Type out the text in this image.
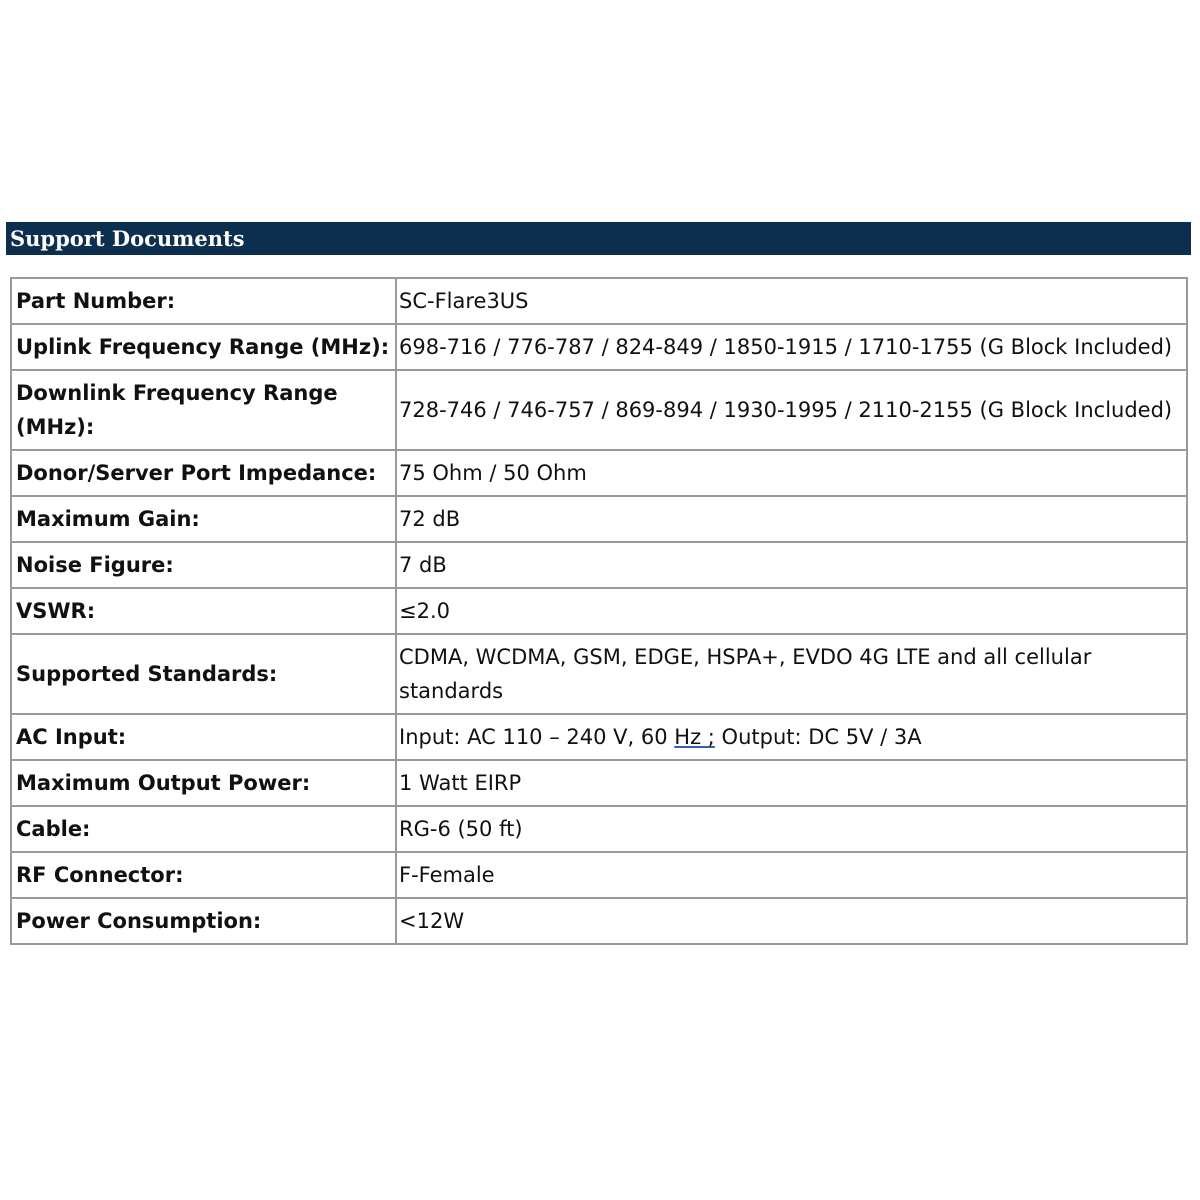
Support Documents
Part Number:	SC-Flare3US
Uplink Frequency Range (MHz):	698-716 / 776-787 / 824-849 / 1850-1915 / 1710-1755 (G Block Included)
Downlink Frequency Range (MHz):	728-746 / 746-757 / 869-894 / 1930-1995 / 2110-2155 (G Block Included)
Donor/Server Port Impedance:	75 Ohm / 50 Ohm
Maximum Gain:	72 dB
Noise Figure:	7 dB
VSWR:	≤2.0
Supported Standards:	CDMA, WCDMA, GSM, EDGE, HSPA+, EVDO 4G LTE and all cellular standards
AC Input:	Input: AC 110 – 240 V, 60 Hz ; Output: DC 5V / 3A
Maximum Output Power:	1 Watt EIRP
Cable:	RG-6 (50 ft)
RF Connector:	F-Female
Power Consumption:	<12W
